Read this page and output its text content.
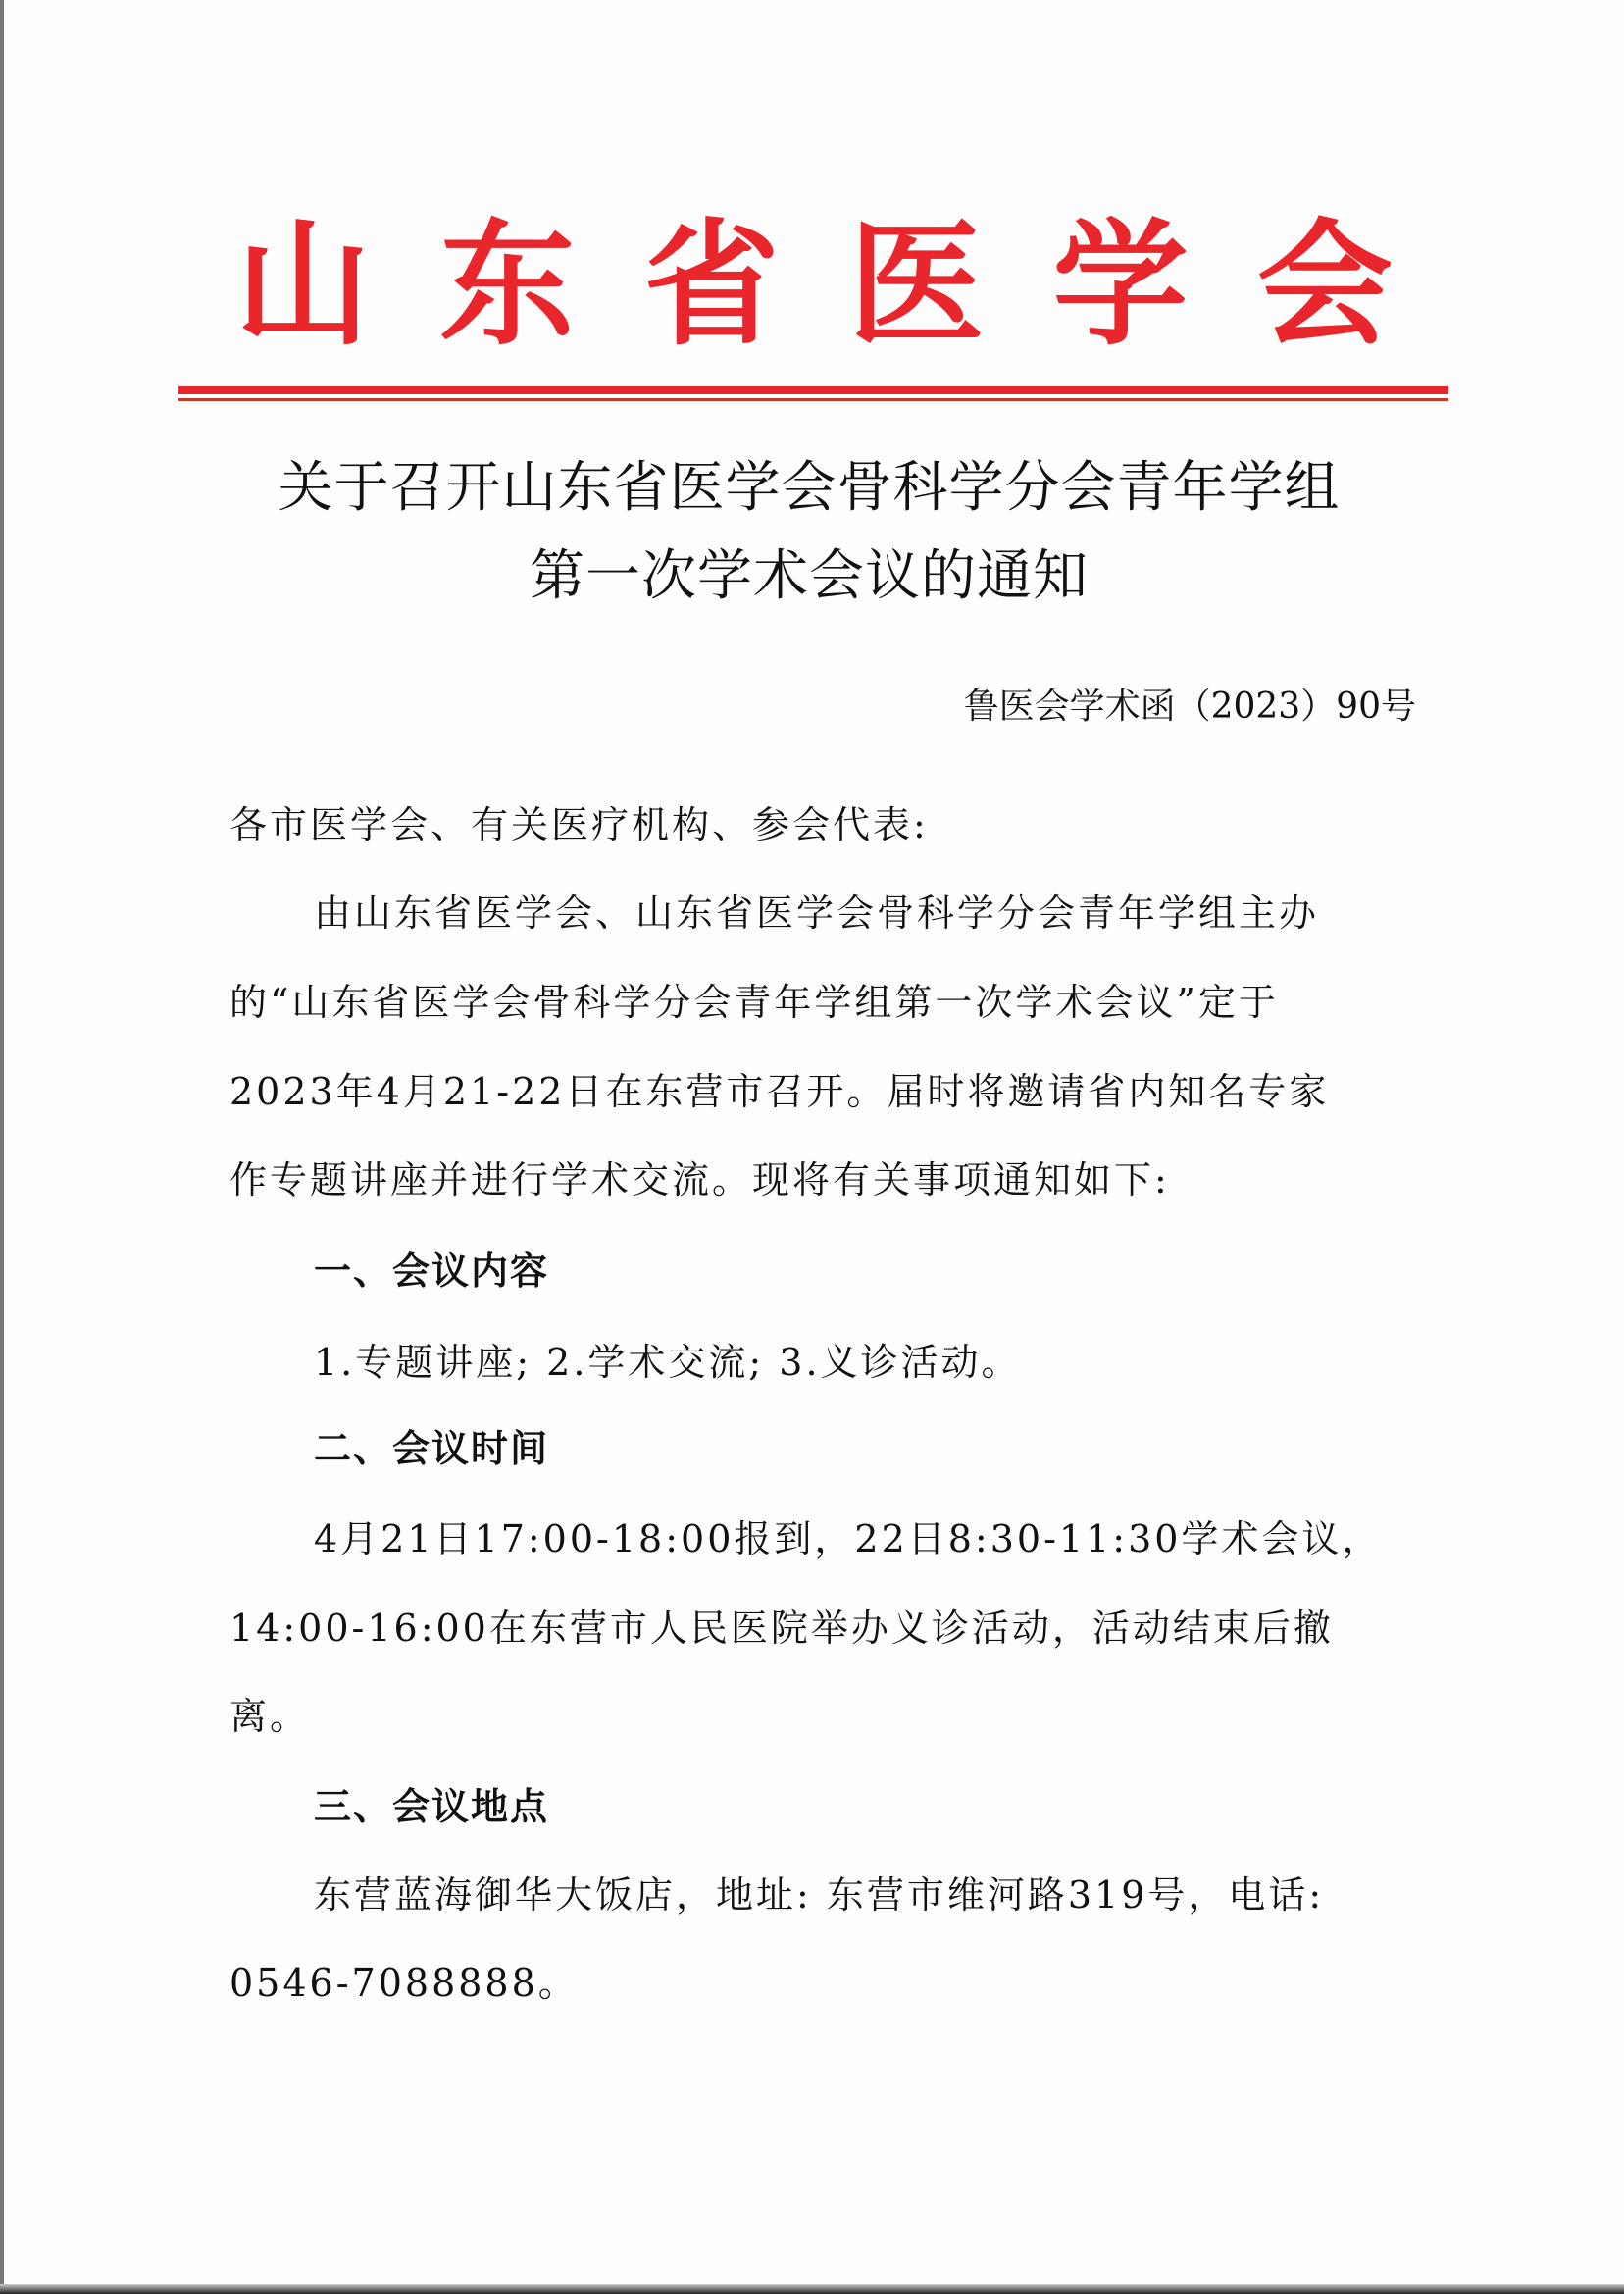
山 东 省 医 学 会
关于召开山东省医学会骨科学分会青年学组
第一次学术会议的通知
鲁医会学术函（2023）90号
各市医学会、有关医疗机构、参会代表:
由山东省医学会、山东省医学会骨科学分会青年学组主办
的“山东省医学会骨科学分会青年学组第一次学术会议”定于
2023年4月21-22日在东营市召开。届时将邀请省内知名专家
作专题讲座并进行学术交流。现将有关事项通知如下:
一、会议内容
1.专题讲座; 2.学术交流; 3.义诊活动。
二、会议时间
4月21日17:00-18:00报到，22日8:30-11:30学术会议，
14:00-16:00在东营市人民医院举办义诊活动，活动结束后撤
离。
三、会议地点
东营蓝海御华大饭店，地址: 东营市维河路319号，电话:
0546-7088888。
